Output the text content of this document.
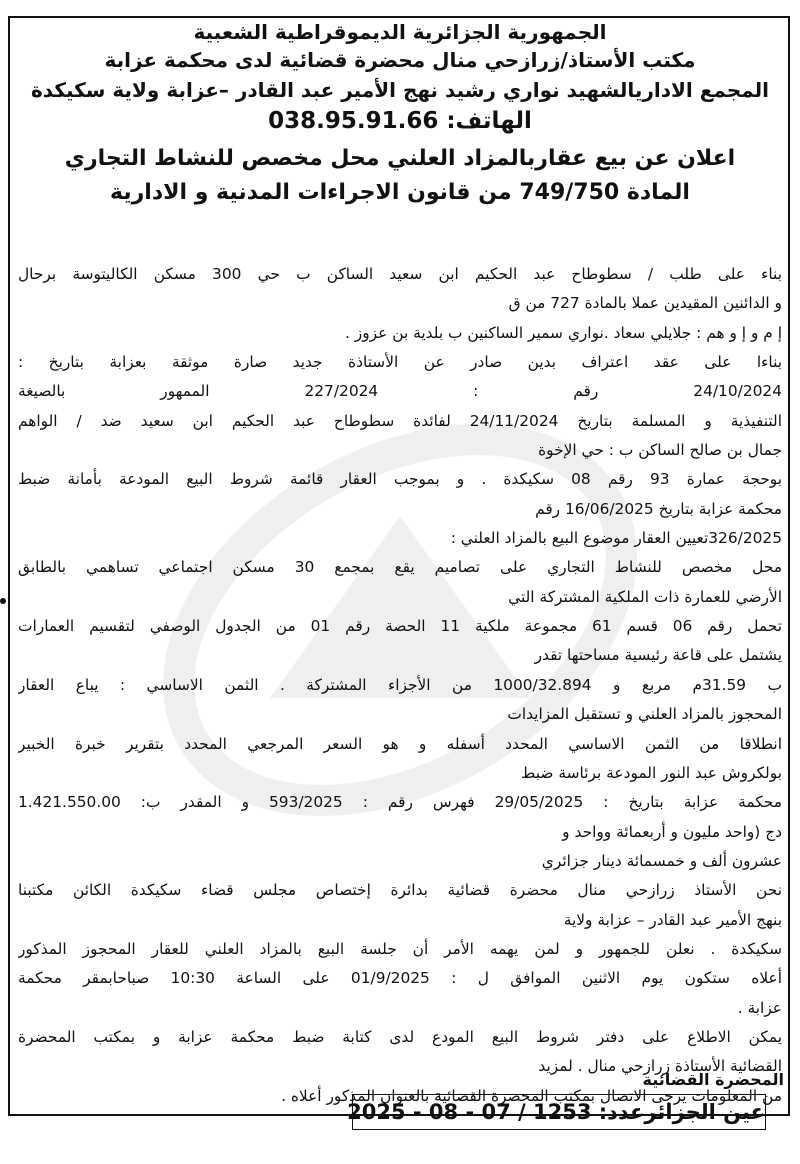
الجمهورية الجزائرية الديموقراطية الشعبية
مكتب الأستاذ/زرازحي منال محضرة قضائية لدى محكمة عزابة
المجمع الاداريالشهيد نواري رشيد نهج الأمير عبد القادر –عزابة ولاية سكيكدة
الهاتف: 038.95.91.66
اعلان عن بيع عقاربالمزاد العلني محل مخصص للنشاط التجاري
المادة 749/750 من قانون الاجراءات المدنية و الادارية
بناء على طلب / سطوطاح عبد الحكيم ابن سعيد الساكن ب حي 300 مسكن الكاليتوسة برحال
و الدائنين المقيدين عملا بالمادة 727 من ق
إ م و إ و هم : جلايلي سعاد .نواري سمير الساكنين ب بلدية بن عزوز .
بناءا على عقد اعتراف بدين صادر عن الأستاذة جديد صارة موثقة بعزابة بتاريخ :
24/10/2024 رقم : 227/2024 الممهور بالصيغة
التنفيذية و المسلمة بتاريخ 24/11/2024 لفائدة سطوطاح عبد الحكيم ابن سعيد ضد / الواهم
جمال بن صالح الساكن ب : حي الإخوة
بوحجة عمارة 93 رقم 08 سكيكدة . و بموجب العقار قائمة شروط البيع المودعة بأمانة ضبط
محكمة عزابة بتاريخ 16/06/2025 رقم
326/2025تعيين العقار موضوع البيع بالمزاد العلني :
محل مخصص للنشاط التجاري على تصاميم يقع بمجمع 30 مسكن اجتماعي تساهمي بالطابق
الأرضي للعمارة ذات الملكية المشتركة التي
تحمل رقم 06 قسم 61 مجموعة ملكية 11 الحصة رقم 01 من الجدول الوصفي لتقسيم العمارات
يشتمل على قاعة رئيسية مساحتها تقدر
ب 31.59م مربع و 1000/32.894 من الأجزاء المشتركة . الثمن الاساسي : يباع العقار
المحجوز بالمزاد العلني و تستقبل المزايدات
انطلاقا من الثمن الاساسي المحدد أسفله و هو السعر المرجعي المحدد بتقرير خبرة الخبير
بولكروش عبد النور المودعة برئاسة ضبط
محكمة عزابة بتاريخ : 29/05/2025 فهرس رقم : 593/2025 و المقدر ب: 1.421.550.00
دج (واحد مليون و أربعمائة وواحد و
عشرون ألف و خمسمائة دينار جزائري
نحن الأستاذ زرازحي منال محضرة قضائية بدائرة إختصاص مجلس قضاء سكيكدة الكائن مكتبنا
بنهج الأمير عبد القادر – عزابة ولاية
سكيكدة . نعلن للجمهور و لمن يهمه الأمر أن جلسة البيع بالمزاد العلني للعقار المحجوز المذكور
أعلاه ستكون يوم الاثنين الموافق ل : 01/9/2025 على الساعة 10:30 صباحابمقر محكمة
عزابة .
يمكن الاطلاع على دفتر شروط البيع المودع لدى كتابة ضبط محكمة عزابة و بمكتب المحضرة
القضائية الأستاذة زرازحي منال . لمزيد
من المعلومات يرجى الاتصال بمكتب المحضرة القضائية بالعنوان المذكور أعلاه .
المحضرة القضائية
عين الجزائرعدد: 1253 / 07 - 08 - 2025
